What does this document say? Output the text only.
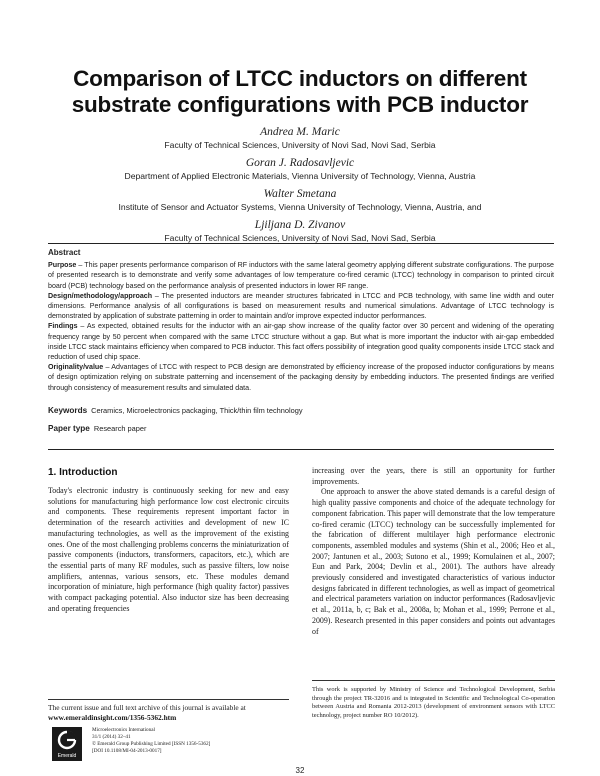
Comparison of LTCC inductors on different substrate configurations with PCB inductor
Andrea M. Maric
Faculty of Technical Sciences, University of Novi Sad, Novi Sad, Serbia
Goran J. Radosavljevic
Department of Applied Electronic Materials, Vienna University of Technology, Vienna, Austria
Walter Smetana
Institute of Sensor and Actuator Systems, Vienna University of Technology, Vienna, Austria, and
Ljiljana D. Zivanov
Faculty of Technical Sciences, University of Novi Sad, Novi Sad, Serbia
Abstract

Purpose – This paper presents performance comparison of RF inductors with the same lateral geometry applying different substrate configurations. The purpose of presented research is to demonstrate and verify some advantages of low temperature co-fired ceramic (LTCC) technology in comparison to printed circuit board (PCB) technology based on the performance analysis of presented inductors in lower RF range.

Design/methodology/approach – The presented inductors are meander structures fabricated in LTCC and PCB technology, with same line width and outer dimensions. Performance analysis of all configurations is based on measurement results and numerical simulations. Advantage of LTCC technology is demonstrated by application of substrate patterning in order to maintain and/or improve expected inductor performances.

Findings – As expected, obtained results for the inductor with an air-gap show increase of the quality factor over 30 percent and widening of the operating frequency range by 50 percent when compared with the same LTCC structure without a gap. But what is more important the inductor with air-gap embedded inside LTCC stack maintains efficiency when compared to PCB inductor. This fact offers possibility of integration good quality components inside LTCC stack and reduction of used chip space.

Originality/value – Advantages of LTCC with respect to PCB design are demonstrated by efficiency increase of the proposed inductor configurations by means of design optimization relying on substrate patterning and incensement of the packaging density by embedding inductors. The presented findings are verified through consistency of measurement results and simulated data.

Keywords Ceramics, Microelectronics packaging, Thick/thin film technology
Paper type Research paper
1. Introduction

Today's electronic industry is continuously seeking for new and easy solutions for manufacturing high performance low cost electronic circuits and components. These requirements represent important factor in determination of the research activities and development of new IC manufacturing technologies, as well as the improvement of the existing ones. One of the most challenging problems concerns the miniaturization of passive components (inductors, transformers, capacitors, etc.), which are the essential parts of many RF modules, such as passive filters, low noise amplifiers, antennas, various sensors, etc. These modules demand incorporation of miniature, high performance (high quality factor) passives with compact packaging potential. Also inductor size has been decreasing and operating frequencies

increasing over the years, there is still an opportunity for further improvements.

One approach to answer the above stated demands is a careful design of high quality passive components and choice of the adequate technology for component fabrication. This paper will demonstrate that the low temperature co-fired ceramic (LTCC) technology can be successfully implemented for the fabrication of different multilayer high performance electronic components, assembled modules and systems (Shin et al., 2006; Heo et al., 2007; Jantunen et al., 2003; Sutono et al., 1999; Kornulainen et al., 2007; Eun and Park, 2004; Devlin et al., 2001). The authors have already previously considered and investigated characteristics of various inductor designs fabricated in different technologies, as well as impact of geometrical and electrical parameters variation on inductor performances (Radosavljevic et al., 2011a, b, c; Bak et al., 2008a, b; Mohan et al., 1999; Perrone et al., 2009). Research presented in this paper considers and points out advantages of

The current issue and full text archive of this journal is available at
www.emeraldinsight.com/1356-5362.htm
Emerald
Microelectronics International
31/1 (2014) 32–41
© Emerald Group Publishing Limited [ISSN 1356-5362]
[DOI 10.1108/MI-04-2013-0017]
This work is supported by Ministry of Science and Technological Development, Serbia through the project TR-32016 and is integrated in Scientific and Technological Co-operation between Austria and Romania 2012-2013 (development of environment sensors with LTCC technology, project number RO 10/2012).
32
